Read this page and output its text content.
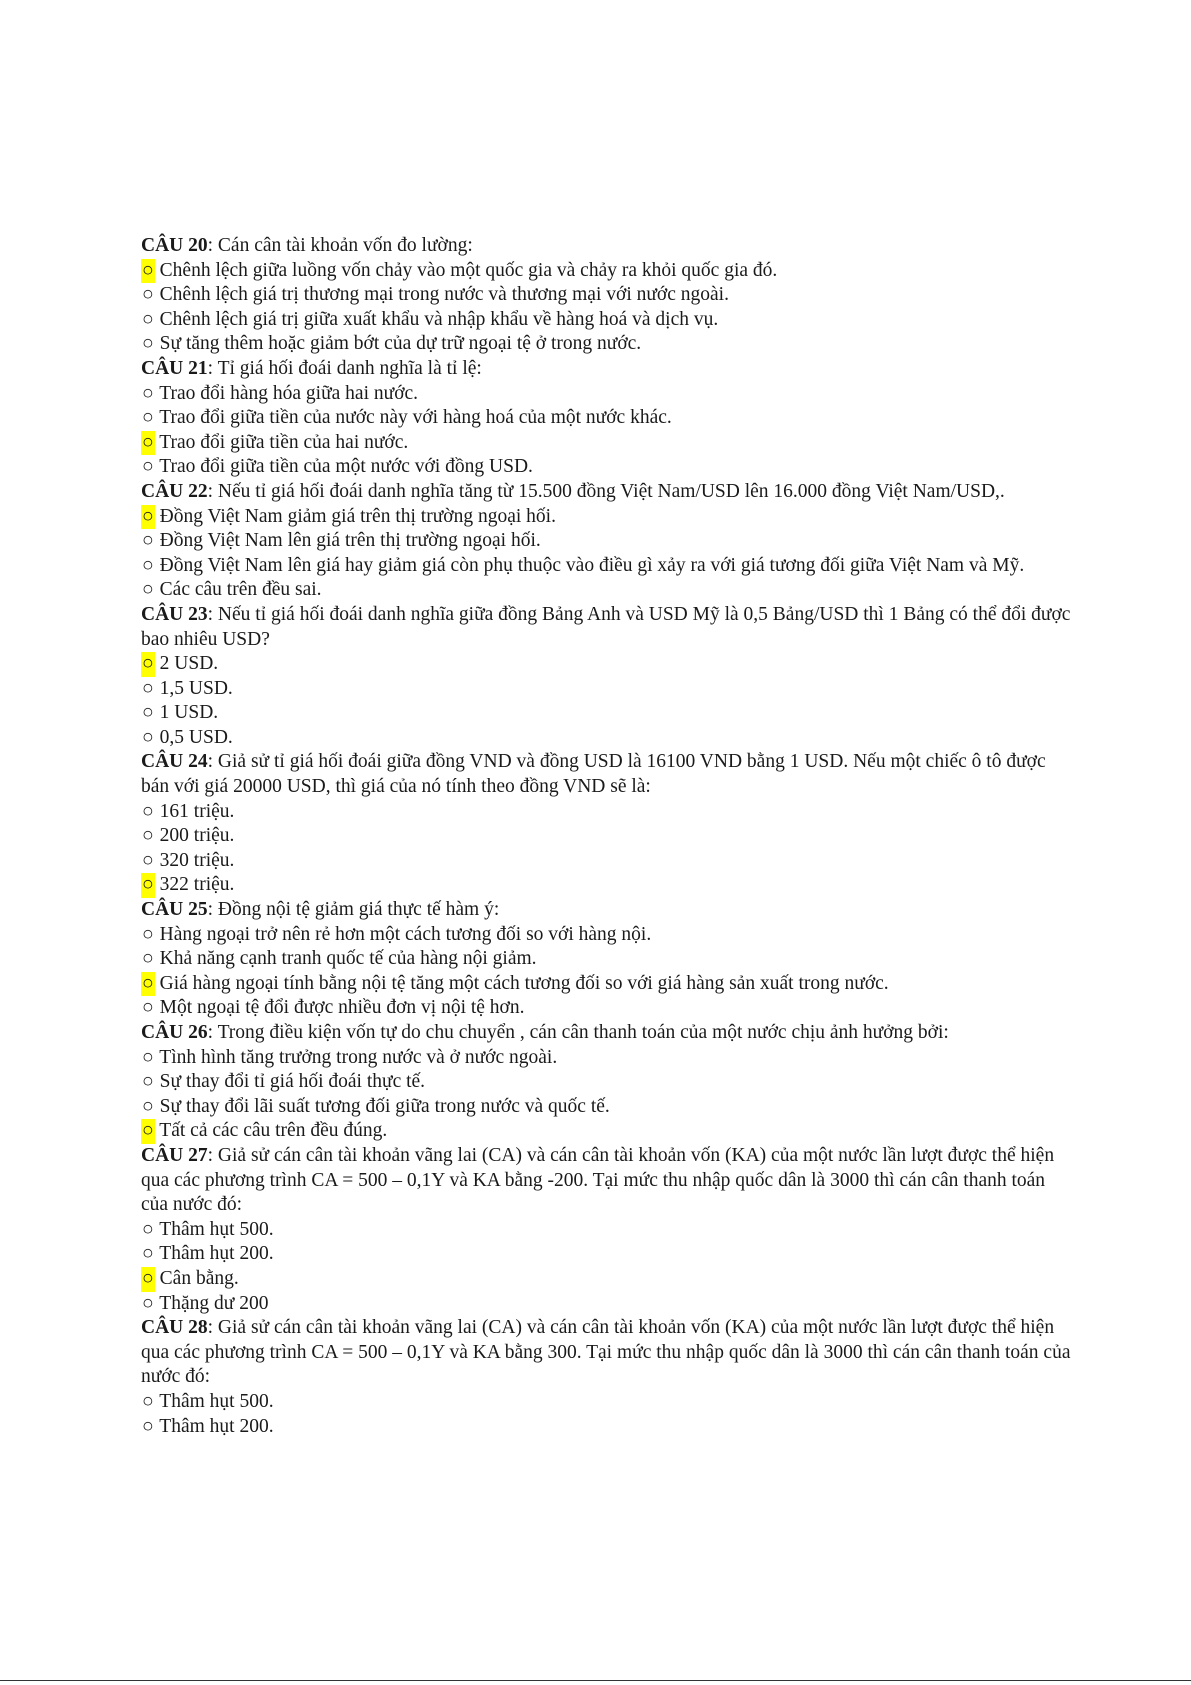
CÂU 20: Cán cân tài khoản vốn đo lường:
○ Chênh lệch giữa luồng vốn chảy vào một quốc gia và chảy ra khỏi quốc gia đó.
○ Chênh lệch giá trị thương mại trong nước và thương mại với nước ngoài.
○ Chênh lệch giá trị giữa xuất khẩu và nhập khẩu về hàng hoá và dịch vụ.
○ Sự tăng thêm hoặc giảm bớt của dự trữ ngoại tệ ở trong nước.
CÂU 21: Tỉ giá hối đoái danh nghĩa là tỉ lệ:
○ Trao đổi hàng hóa giữa hai nước.
○ Trao đổi giữa tiền của nước này với hàng hoá của một nước khác.
○ Trao đổi giữa tiền của hai nước.
○ Trao đổi giữa tiền của một nước với đồng USD.
CÂU 22: Nếu tỉ giá hối đoái danh nghĩa tăng từ 15.500 đồng Việt Nam/USD lên 16.000 đồng Việt Nam/USD,.
○ Đồng Việt Nam giảm giá trên thị trường ngoại hối.
○ Đồng Việt Nam lên giá trên thị trường ngoại hối.
○ Đồng Việt Nam lên giá hay giảm giá còn phụ thuộc vào điều gì xảy ra với giá tương đối giữa Việt Nam và Mỹ.
○ Các câu trên đều sai.
CÂU 23: Nếu tỉ giá hối đoái danh nghĩa giữa đồng Bảng Anh và USD Mỹ là 0,5 Bảng/USD thì 1 Bảng có thể đổi được bao nhiêu USD?
○ 2 USD.
○ 1,5 USD.
○ 1 USD.
○ 0,5 USD.
CÂU 24: Giả sử tỉ giá hối đoái giữa đồng VND và đồng USD là 16100 VND bằng 1 USD. Nếu một chiếc ô tô được bán với giá 20000 USD, thì giá của nó tính theo đồng VND sẽ là:
○ 161 triệu.
○ 200 triệu.
○ 320 triệu.
○ 322 triệu.
CÂU 25: Đồng nội tệ giảm giá thực tế hàm ý:
○ Hàng ngoại trở nên rẻ hơn một cách tương đối so với hàng nội.
○ Khả năng cạnh tranh quốc tế của hàng nội giảm.
○ Giá hàng ngoại tính bằng nội tệ tăng một cách tương đối so với giá hàng sản xuất trong nước.
○ Một ngoại tệ đổi được nhiều đơn vị nội tệ hơn.
CÂU 26: Trong điều kiện vốn tự do chu chuyển , cán cân thanh toán của một nước chịu ảnh hưởng bởi:
○ Tình hình tăng trưởng trong nước và ở nước ngoài.
○ Sự thay đổi tỉ giá hối đoái thực tế.
○ Sự thay đổi lãi suất tương đối giữa trong nước và quốc tế.
○ Tất cả các câu trên đều đúng.
CÂU 27: Giả sử cán cân tài khoản vãng lai (CA) và cán cân tài khoản vốn (KA) của một nước lần lượt được thể hiện qua các phương trình CA = 500 – 0,1Y và KA bằng -200. Tại mức thu nhập quốc dân là 3000 thì cán cân thanh toán của nước đó:
○ Thâm hụt 500.
○ Thâm hụt 200.
○ Cân bằng.
○ Thặng dư 200
CÂU 28: Giả sử cán cân tài khoản vãng lai (CA) và cán cân tài khoản vốn (KA) của một nước lần lượt được thể hiện qua các phương trình CA = 500 – 0,1Y và KA bằng 300. Tại mức thu nhập quốc dân là 3000 thì cán cân thanh toán của nước đó:
○ Thâm hụt 500.
○ Thâm hụt 200.
